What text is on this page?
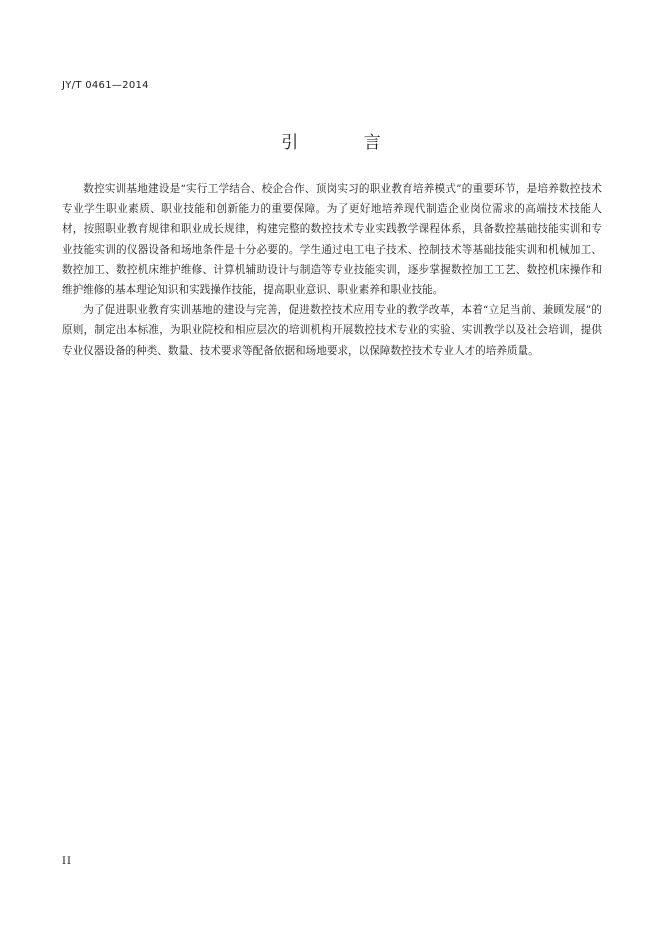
JY/T 0461—2014
引 言

数控实训基地建设是“实行工学结合、校企合作、顶岗实习的职业教育培养模式”的重要环节，是培养数控技术专业学生职业素质、职业技能和创新能力的重要保障。为了更好地培养现代制造企业岗位需求的高端技术技能人材，按照职业教育规律和职业成长规律，构建完整的数控技术专业实践教学课程体系，具备数控基础技能实训和专业技能实训的仪器设备和场地条件是十分必要的。学生通过电工电子技术、控制技术等基础技能实训和机械加工、数控加工、数控机床维护维修、计算机辅助设计与制造等专业技能实训，逐步掌握数控加工工艺、数控机床操作和维护维修的基本理论知识和实践操作技能，提高职业意识、职业素养和职业技能。

为了促进职业教育实训基地的建设与完善，促进数控技术应用专业的教学改革，本着“立足当前、兼顾发展”的原则，制定出本标准，为职业院校和相应层次的培训机构开展数控技术专业的实验、实训教学以及社会培训，提供专业仪器设备的种类、数量、技术要求等配备依据和场地要求，以保障数控技术专业人才的培养质量。

II
